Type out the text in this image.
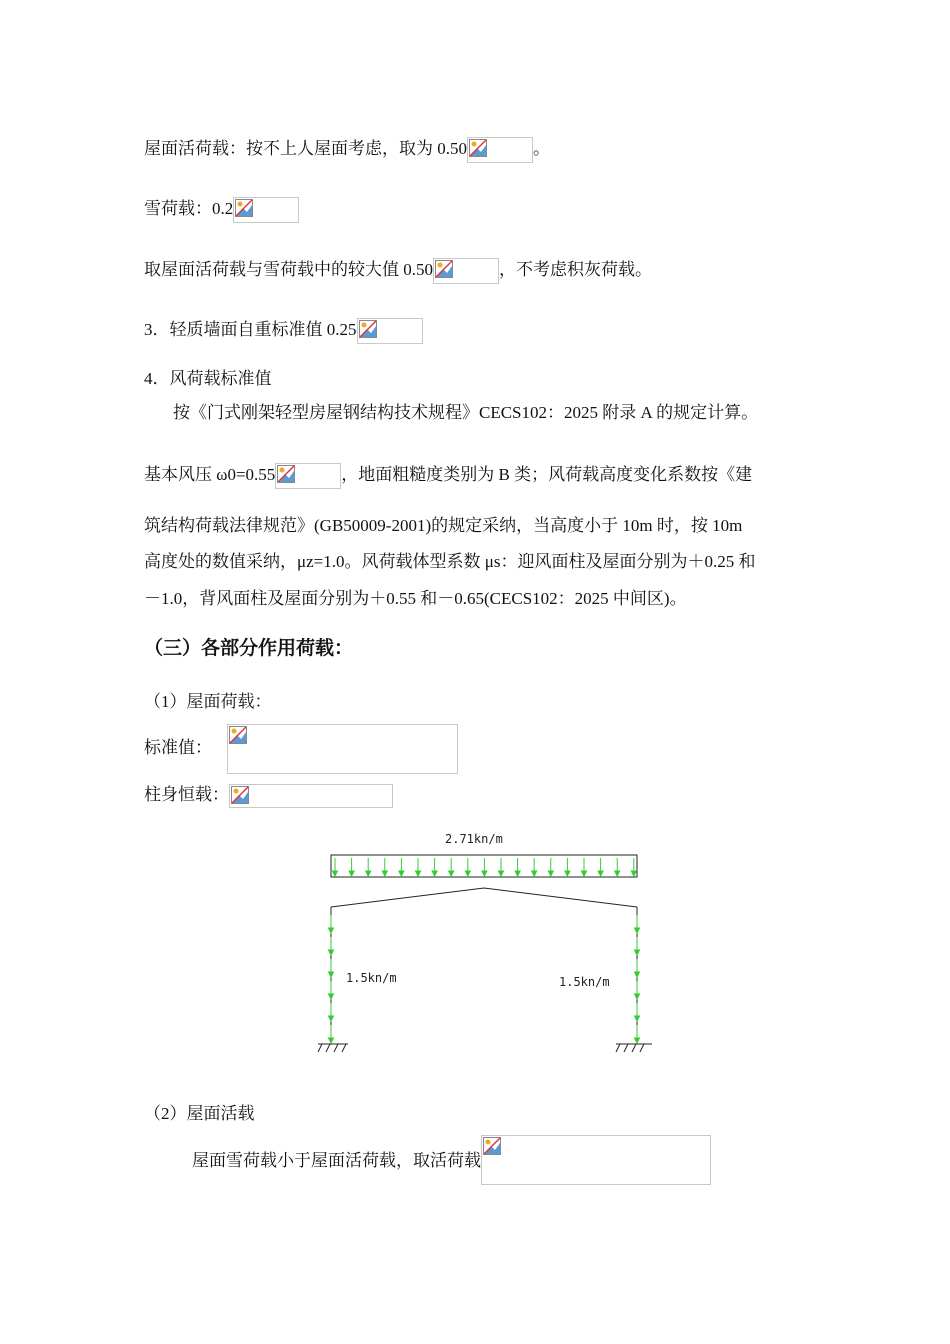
屋面活荷载：按不上人屋面考虑，取为 0.50	。
雪荷载：0.2
取屋面活荷载与雪荷载中的较大值 0.50	，不考虑积灰荷载。
3．轻质墙面自重标准值 0.25
4．风荷载标准值
按《门式刚架轻型房屋钢结构技术规程》CECS102：2025 附录 A 的规定计算。
基本风压 ω0=0.55	，地面粗糙度类别为 B 类；风荷载高度变化系数按《建
筑结构荷载法律规范》(GB50009-2001)的规定采纳，当高度小于 10m 时，按 10m
高度处的数值采纳，μz=1.0。风荷载体型系数 μs：迎风面柱及屋面分别为＋0.25 和
－1.0，背风面柱及屋面分别为＋0.55 和－0.65(CECS102：2025 中间区)。
（三）各部分作用荷载：
（1）屋面荷载：
标准值：
柱身恒载：
2.71kn/m
1.5kn/m	1.5kn/m
（2）屋面活载
屋面雪荷载小于屋面活荷载，取活荷载
